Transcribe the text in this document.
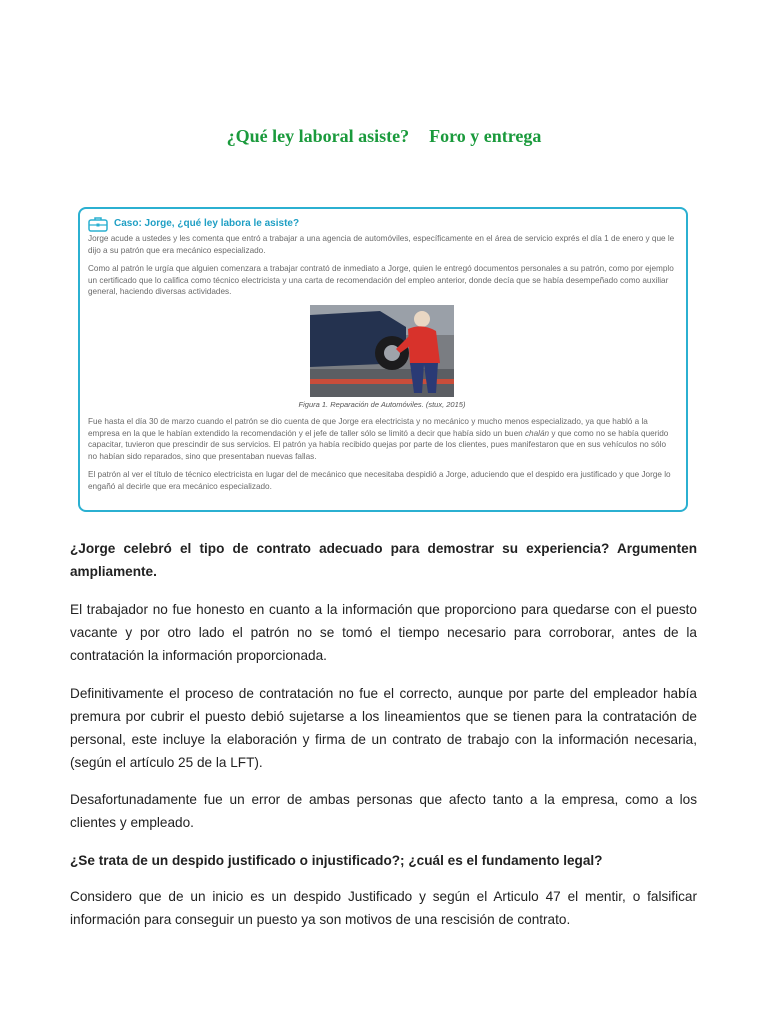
¿Qué ley laboral asiste? Foro y entrega
Caso: Jorge, ¿qué ley labora le asiste?

Jorge acude a ustedes y les comenta que entró a trabajar a una agencia de automóviles, específicamente en el área de servicio exprés el día 1 de enero y que le dijo a su patrón que era mecánico especializado.

Como al patrón le urgía que alguien comenzara a trabajar contrató de inmediato a Jorge, quien le entregó documentos personales a su patrón, como por ejemplo un certificado que lo califica como técnico electricista y una carta de recomendación del empleo anterior, donde decía que se había desempeñado como auxiliar general, haciendo diversas actividades.

Figura 1. Reparación de Automóviles. (stux, 2015)

Fue hasta el día 30 de marzo cuando el patrón se dio cuenta de que Jorge era electricista y no mecánico y mucho menos especializado, ya que habló a la empresa en la que le habían extendido la recomendación y el jefe de taller sólo se limitó a decir que había sido un buen chalán y que como no se había querido capacitar, tuvieron que prescindir de sus servicios. El patrón ya había recibido quejas por parte de los clientes, pues manifestaron que en sus vehículos no sólo no habían sido reparados, sino que presentaban nuevas fallas.

El patrón al ver el título de técnico electricista en lugar del de mecánico que necesitaba despidió a Jorge, aduciendo que el despido era justificado y que Jorge lo engañó al decirle que era mecánico especializado.

¿Jorge celebró el tipo de contrato adecuado para demostrar su experiencia? Argumenten ampliamente.
El trabajador no fue honesto en cuanto a la información que proporciono para quedarse con el puesto vacante y por otro lado el patrón no se tomó el tiempo necesario para corroborar, antes de la contratación la información proporcionada.
Definitivamente el proceso de contratación no fue el correcto, aunque por parte del empleador había premura por cubrir el puesto debió sujetarse a los lineamientos que se tienen para la contratación de personal, este incluye la elaboración y firma de un contrato de trabajo con la información necesaria, (según el artículo 25 de la LFT).
Desafortunadamente fue un error de ambas personas que afecto tanto a la empresa, como a los clientes y empleado.
¿Se trata de un despido justificado o injustificado?; ¿cuál es el fundamento legal?
Considero que de un inicio es un despido Justificado y según el Articulo 47 el mentir, o falsificar información para conseguir un puesto ya son motivos de una rescisión de contrato.
